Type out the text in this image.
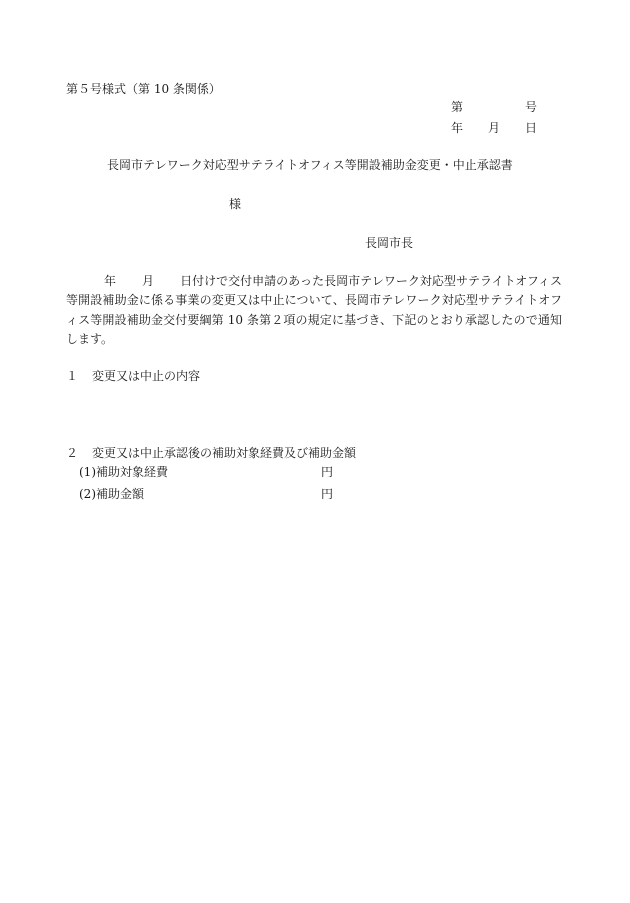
第５号様式（第 10 条関係）
第	号
年 月 日
長岡市テレワーク対応型サテライトオフィス等開設補助金変更・中止承認書
様
長岡市長
年 月 日付けで交付申請のあった長岡市テレワーク対応型サテライトオフィス等開設補助金に係る事業の変更又は中止について、長岡市テレワーク対応型サテライトオフィス等開設補助金交付要綱第 10 条第２項の規定に基づき、下記のとおり承認したので通知します。
１ 変更又は中止の内容
２ 変更又は中止承認後の補助対象経費及び補助金額
(1)補助対象経費	円
(2)補助金額	円
